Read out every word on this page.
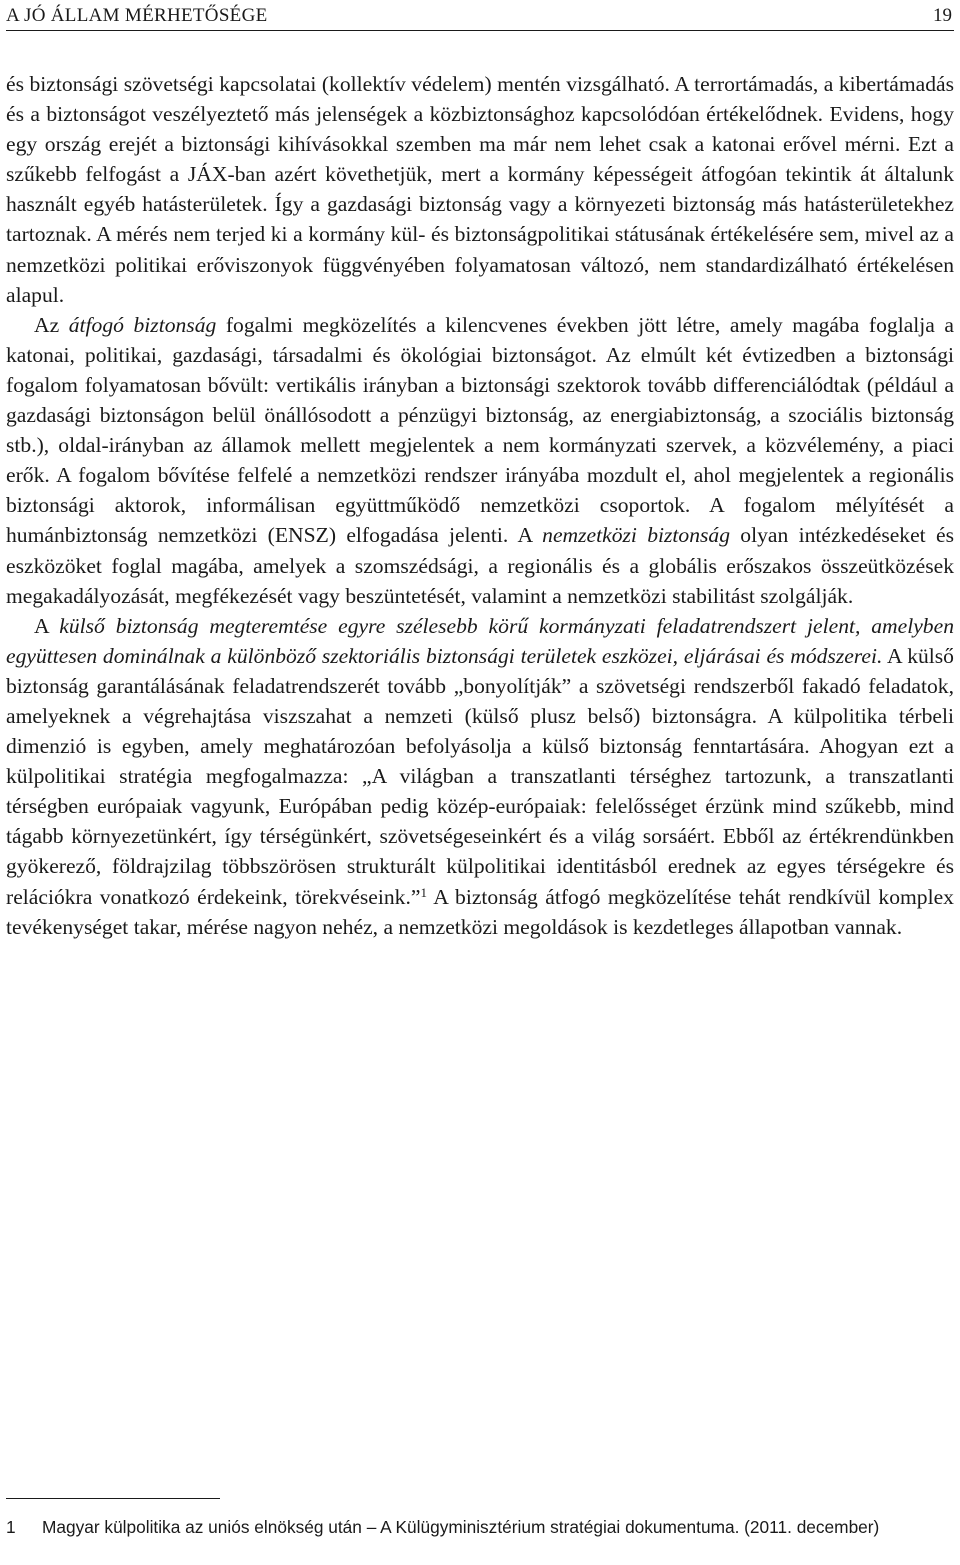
A JÓ ÁLLAM MÉRHETŐSÉGE	19

és biztonsági szövetségi kapcsolatai (kollektív védelem) mentén vizsgálható. A terrortámadás, a kibertámadás és a biztonságot veszélyeztető más jelenségek a közbiztonsághoz kapcsolódóan értékelődnek. Evidens, hogy egy ország erejét a biztonsági kihívásokkal szemben ma már nem lehet csak a katonai erővel mérni. Ezt a szűkebb felfogást a JÁX-ban azért követhetjük, mert a kormány képességeit átfogóan tekintik át általunk használt egyéb hatásterületek. Így a gazdasági biztonság vagy a környezeti biztonság más hatásterületekhez tartoznak. A mérés nem terjed ki a kormány kül- és biztonságpolitikai státusának értékelésére sem, mivel az a nemzetközi politikai erőviszonyok függvényében folyamatosan változó, nem standardizálható értékelésen alapul.

Az átfogó biztonság fogalmi megközelítés a kilencvenes években jött létre, amely magába foglalja a katonai, politikai, gazdasági, társadalmi és ökológiai biztonságot. Az elmúlt két évtizedben a biztonsági fogalom folyamatosan bővült: vertikális irányban a biztonsági szektorok tovább differenciálódtak (például a gazdasági biztonságon belül önállósodott a pénzügyi biztonság, az energiabiztonság, a szociális biztonság stb.), oldal-irányban az államok mellett megjelentek a nem kormányzati szervek, a közvélemény, a piaci erők. A fogalom bővítése felfelé a nemzetközi rendszer irányába mozdult el, ahol megjelentek a regionális biztonsági aktorok, informálisan együttműködő nemzetközi csoportok. A fogalom mélyítését a humánbiztonság nemzetközi (ENSZ) elfogadása jelenti. A nemzetközi biztonság olyan intézkedéseket és eszközöket foglal magába, amelyek a szomszédsági, a regionális és a globális erőszakos összeütközések megakadályozását, megfékezését vagy beszüntetését, valamint a nemzetközi stabilitást szolgálják.

A külső biztonság megteremtése egyre szélesebb körű kormányzati feladatrendszert jelent, amelyben együttesen dominálnak a különböző szektoriális biztonsági területek eszközei, eljárásai és módszerei. A külső biztonság garantálásának feladatrendszerét tovább „bonyolítják” a szövetségi rendszerből fakadó feladatok, amelyeknek a végrehajtása viszszahat a nemzeti (külső plusz belső) biztonságra. A külpolitika térbeli dimenzió is egyben, amely meghatározóan befolyásolja a külső biztonság fenntartására. Ahogyan ezt a külpolitikai stratégia megfogalmazza: „A világban a transzatlanti térséghez tartozunk, a transzatlanti térségben európaiak vagyunk, Európában pedig közép-európaiak: felelősséget érzünk mind szűkebb, mind tágabb környezetünkért, így térségünkért, szövetségeseinkért és a világ sorsáért. Ebből az értékrendünkben gyökerező, földrajzilag többszörösen strukturált külpolitikai identitásból erednek az egyes térségekre és relációkra vonatkozó érdekeink, törekvéseink.”$^1$ A biztonság átfogó megközelítése tehát rendkívül komplex tevékenységet takar, mérése nagyon nehéz, a nemzetközi megoldások is kezdetleges állapotban vannak.

1 Magyar külpolitika az uniós elnökség után – A Külügyminisztérium stratégiai dokumentuma. (2011. december)
